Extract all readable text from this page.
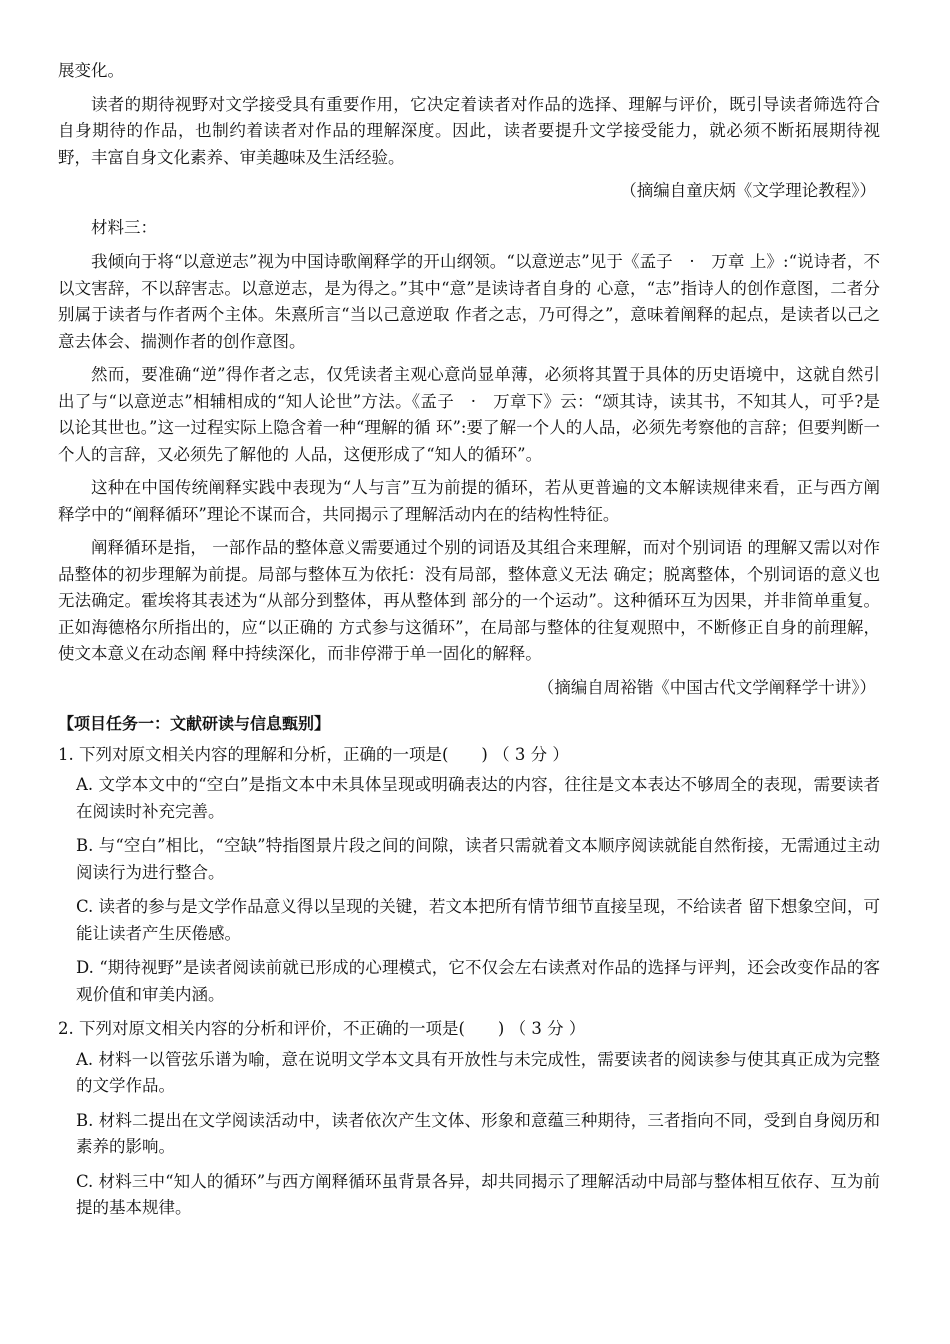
展变化。

读者的期待视野对文学接受具有重要作用，它决定着读者对作品的选择、理解与评价，既引导读者筛选符合自身期待的作品，也制约着读者对作品的理解深度。因此，读者要提升文学接受能力，就必须不断拓展期待视野，丰富自身文化素养、审美趣味及生活经验。

（摘编自童庆炳《文学理论教程》）

材料三：

我倾向于将“以意逆志”视为中国诗歌阐释学的开山纲领。“以意逆志”见于《孟子　·　万章 上》:“说诗者，不以文害辞，不以辞害志。以意逆志，是为得之。”其中“意”是读诗者自身的 心意，“志”指诗人的创作意图，二者分别属于读者与作者两个主体。朱熹所言“当以己意逆取 作者之志，乃可得之”，意味着阐释的起点，是读者以己之意去体会、揣测作者的创作意图。

然而，要准确“逆”得作者之志，仅凭读者主观心意尚显单薄，必须将其置于具体的历史语境中，这就自然引出了与“以意逆志”相辅相成的“知人论世”方法。《孟子　·　万章下》云：“颂其诗，读其书，不知其人，可乎?是以论其世也。”这一过程实际上隐含着一种“理解的循 环”:要了解一个人的人品，必须先考察他的言辞；但要判断一个人的言辞，又必须先了解他的 人品，这便形成了“知人的循环”。

这种在中国传统阐释实践中表现为“人与言”互为前提的循环，若从更普遍的文本解读规律来看，正与西方阐释学中的“阐释循环”理论不谋而合，共同揭示了理解活动内在的结构性特征。

阐释循环是指， 一部作品的整体意义需要通过个别的词语及其组合来理解，而对个别词语 的理解又需以对作品整体的初步理解为前提。局部与整体互为依托：没有局部，整体意义无法 确定；脱离整体，个别词语的意义也无法确定。霍埃将其表述为“从部分到整体，再从整体到 部分的一个运动”。这种循环互为因果，并非简单重复。正如海德格尔所指出的，应“以正确的 方式参与这循环”，在局部与整体的往复观照中，不断修正自身的前理解，使文本意义在动态阐 释中持续深化，而非停滞于单一固化的解释。

（摘编自周裕锴《中国古代文学阐释学十讲》）

【项目任务一：文献研读与信息甄别】

1. 下列对原文相关内容的理解和分析，正确的一项是(　　) （ 3 分 ）

A. 文学本文中的“空白”是指文本中未具体呈现或明确表达的内容，往往是文本表达不够周全的表现，需要读者在阅读时补充完善。

B. 与“空白”相比，“空缺”特指图景片段之间的间隙，读者只需就着文本顺序阅读就能自然衔接，无需通过主动阅读行为进行整合。

C. 读者的参与是文学作品意义得以呈现的关键，若文本把所有情节细节直接呈现，不给读者 留下想象空间，可能让读者产生厌倦感。

D. “期待视野”是读者阅读前就已形成的心理模式，它不仅会左右读煮对作品的选择与评判，还会改变作品的客观价值和审美内涵。

2. 下列对原文相关内容的分析和评价，不正确的一项是(　　) （ 3 分 ）

A. 材料一以管弦乐谱为喻，意在说明文学本文具有开放性与未完成性，需要读者的阅读参与使其真正成为完整的文学作品。

B. 材料二提出在文学阅读活动中，读者依次产生文体、形象和意蕴三种期待，三者指向不同，受到自身阅历和素养的影响。

C. 材料三中“知人的循环”与西方阐释循环虽背景各异，却共同揭示了理解活动中局部与整体相互依存、互为前提的基本规律。
